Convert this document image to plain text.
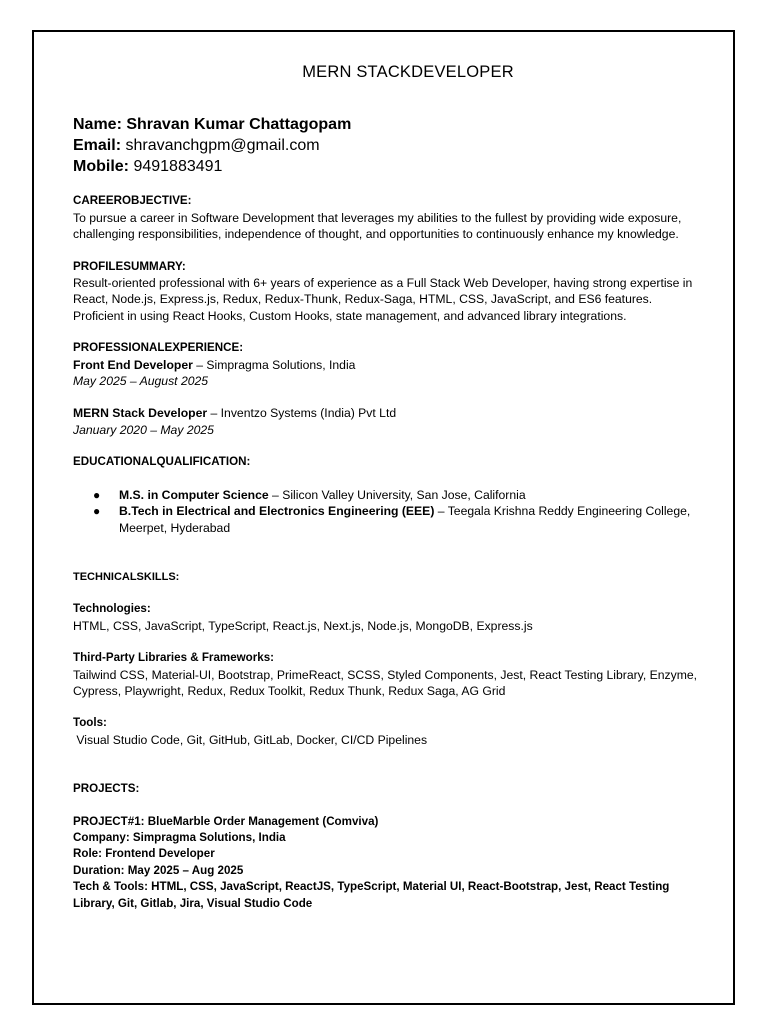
MERN STACKDEVELOPER
Name: Shravan Kumar Chattagopam
Email: shravanchgpm@gmail.com
Mobile: 9491883491
CAREEROBJECTIVE:

To pursue a career in Software Development that leverages my abilities to the fullest by providing wide exposure, challenging responsibilities, independence of thought, and opportunities to continuously enhance my knowledge.

PROFILESUMMARY:

Result-oriented professional with 6+ years of experience as a Full Stack Web Developer, having strong expertise in React, Node.js, Express.js, Redux, Redux-Thunk, Redux-Saga, HTML, CSS, JavaScript, and ES6 features. Proficient in using React Hooks, Custom Hooks, state management, and advanced library integrations.

PROFESSIONALEXPERIENCE:

Front End Developer – Simpragma Solutions, India

May 2025 – August 2025

MERN Stack Developer – Inventzo Systems (India) Pvt Ltd

January 2020 – May 2025

EDUCATIONALQUALIFICATION:
● M.S. in Computer Science – Silicon Valley University, San Jose, California
● B.Tech in Electrical and Electronics Engineering (EEE) – Teegala Krishna Reddy Engineering College, Meerpet, Hyderabad
TECHNICALSKILLS:
Technologies:

HTML, CSS, JavaScript, TypeScript, React.js, Next.js, Node.js, MongoDB, Express.js

Third-Party Libraries & Frameworks:

Tailwind CSS, Material-UI, Bootstrap, PrimeReact, SCSS, Styled Components, Jest, React Testing Library, Enzyme, Cypress, Playwright, Redux, Redux Toolkit, Redux Thunk, Redux Saga, AG Grid

Tools:

Visual Studio Code, Git, GitHub, GitLab, Docker, CI/CD Pipelines

PROJECTS:
PROJECT#1: BlueMarble Order Management (Comviva)
Company: Simpragma Solutions, India
Role: Frontend Developer
Duration: May 2025 – Aug 2025
Tech & Tools: HTML, CSS, JavaScript, ReactJS, TypeScript, Material UI, React-Bootstrap, Jest, React Testing Library, Git, Gitlab, Jira, Visual Studio Code
